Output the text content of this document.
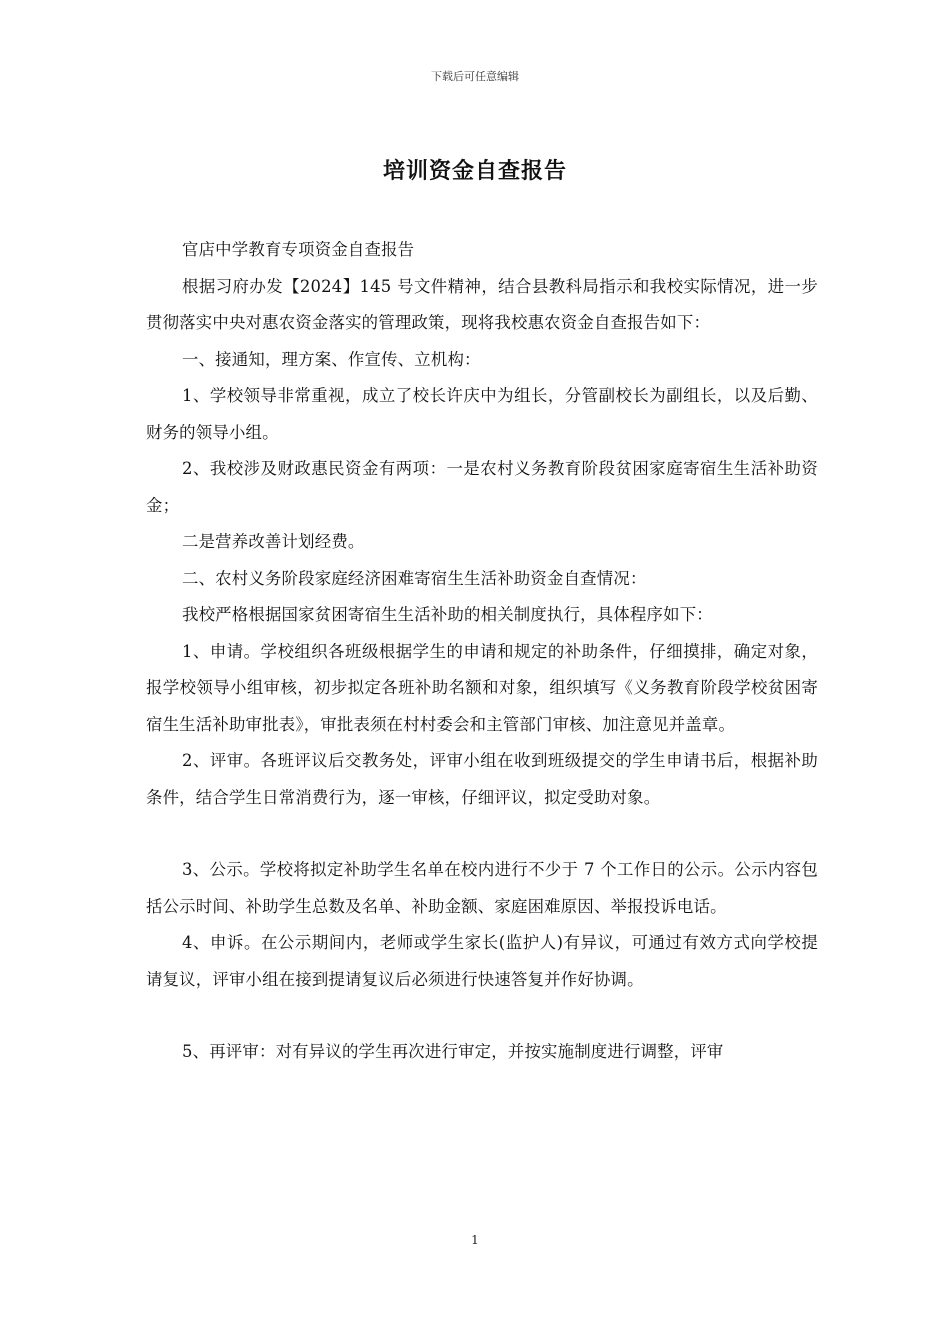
下载后可任意编辑
培训资金自查报告

官店中学教育专项资金自查报告

根据习府办发【2024】145 号文件精神，结合县教科局指示和我校实际情况，进一步贯彻落实中央对惠农资金落实的管理政策，现将我校惠农资金自查报告如下：

一、接通知，理方案、作宣传、立机构：

1、学校领导非常重视，成立了校长许庆中为组长，分管副校长为副组长，以及后勤、财务的领导小组。

2、我校涉及财政惠民资金有两项：一是农村义务教育阶段贫困家庭寄宿生生活补助资金；

二是营养改善计划经费。

二、农村义务阶段家庭经济困难寄宿生生活补助资金自查情况：

我校严格根据国家贫困寄宿生生活补助的相关制度执行，具体程序如下：

1、申请。学校组织各班级根据学生的申请和规定的补助条件，仔细摸排，确定对象，报学校领导小组审核，初步拟定各班补助名额和对象，组织填写《义务教育阶段学校贫困寄宿生生活补助审批表》，审批表须在村村委会和主管部门审核、加注意见并盖章。

2、评审。各班评议后交教务处，评审小组在收到班级提交的学生申请书后，根据补助条件，结合学生日常消费行为，逐一审核，仔细评议，拟定受助对象。

3、公示。学校将拟定补助学生名单在校内进行不少于 7 个工作日的公示。公示内容包括公示时间、补助学生总数及名单、补助金额、家庭困难原因、举报投诉电话。

4、申诉。在公示期间内，老师或学生家长(监护人)有异议，可通过有效方式向学校提请复议，评审小组在接到提请复议后必须进行快速答复并作好协调。

5、再评审：对有异议的学生再次进行审定，并按实施制度进行调整，评审

1
